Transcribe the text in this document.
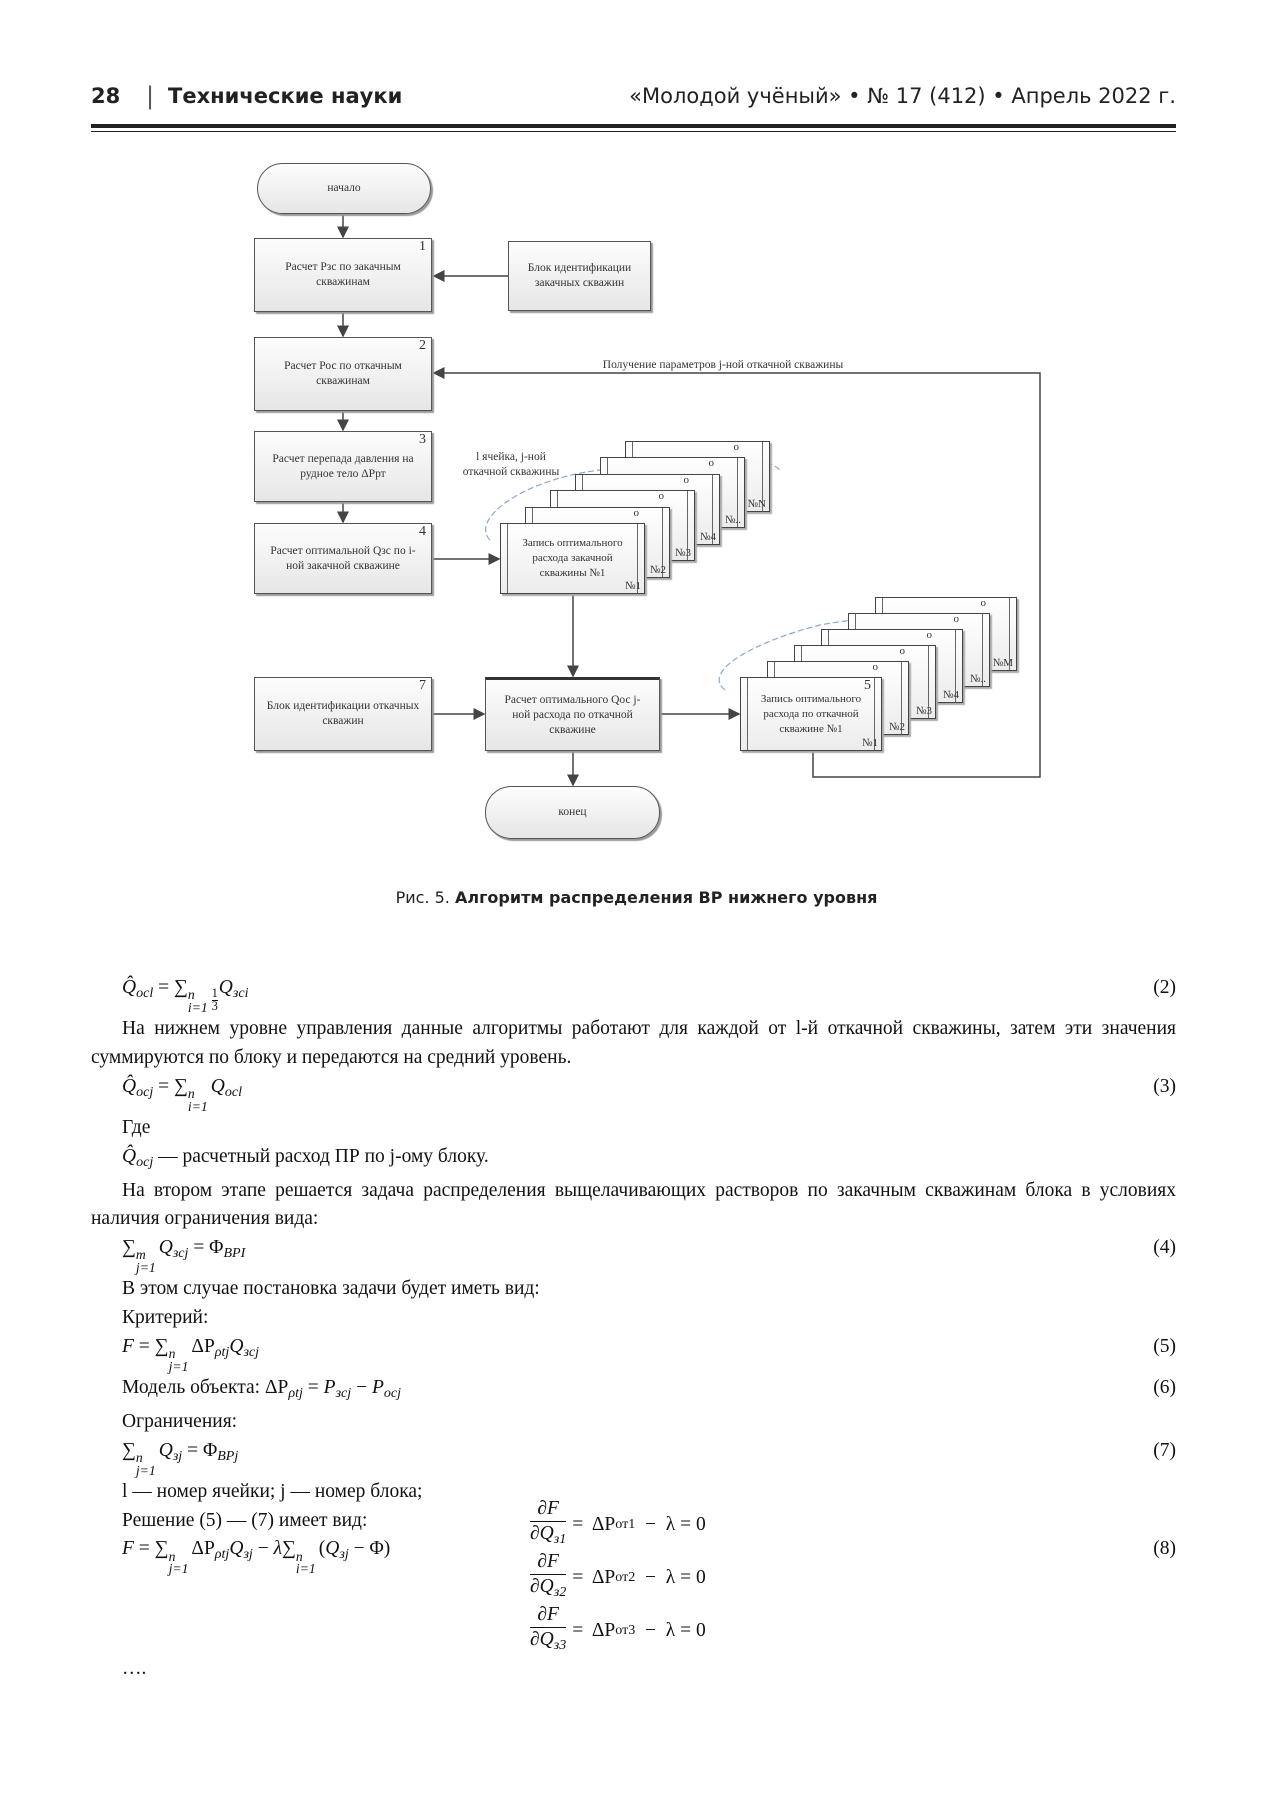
28 | Технические науки	«Молодой учёный» • № 17 (412) • Апрель 2022 г.
начало
1
Расчет Рзс по закачным скважинам
Блок идентификации закачных скважин
2
Расчет Рос по откачным скважинам
3
Расчет перепада давления на рудное тело ΔPрт
4
Расчет оптимальной Qзс по i-ной закачной скважине
Получение параметров j-ной откачной скважины
l ячейка, j-ной откачной скважины
№N
о
№..
о
№4
о
№3
о
№2
о
№1
Запись оптимального расхода закачной скважины №1
№M
о
№..
о
№4
о
№3
о
№2
о
№1
Запись оптимального расхода по откачной скважине №1
5
7
Блок идентификации откачных скважин
Расчет оптимального Qос j-ной расхода по откачной скважине
конец
Рис. 5. Алгоритм распределения ВР нижнего уровня
$Q̂_{ocl}$ = ∑ n
$i=1 \frac{1}{3}$
$Q_{зci}$	(2)
На нижнем уровне управления данные алгоритмы работают для каждой от l-й откачной скважины, затем эти значения суммируются по блоку и передаются на средний уровень.
$Q̂_{ocj}$ = ∑ n
i=1
$Q_{ocl}$	(3)
Где
$Q̂_{ocj}$ — расчетный расход ПР по j-ому блоку.
На втором этапе решается задача распределения выщелачивающих растворов по закачным скважинам блока в условиях наличия ограничения вида:
∑ m
j=1
$Q_{зcj} = \Phi_{BPI}$	(4)
В этом случае постановка задачи будет иметь вид:
Критерий:
F = ∑ n
j=1
$\Delta P_{\rho tj}Q_{зcj}$	(5)
Модель объекта: $\Delta P_{\rho tj} = P_{зcj} - P_{ocj}$	(6)
Ограничения:
∑ n
j=1
$Q_{зj} = \Phi_{BPj}$	(7)
l — номер ячейки; j — номер блока;
Решение (5) — (7) имеет вид:
F = ∑ n
j=1
$\Delta P_{\rho tj}Q_{зj} - \lambda\sum$ n
i=1
$(Q_{зj} - \Phi)$	(8)
∂F
$\partial Q_{з1}$
=  ΔP от1 −  λ = 0
∂F
$\partial Q_{з2}$
=  ΔP от2 −  λ = 0
∂F
$\partial Q_{з3}$
=  ΔP от3 −  λ = 0
….
